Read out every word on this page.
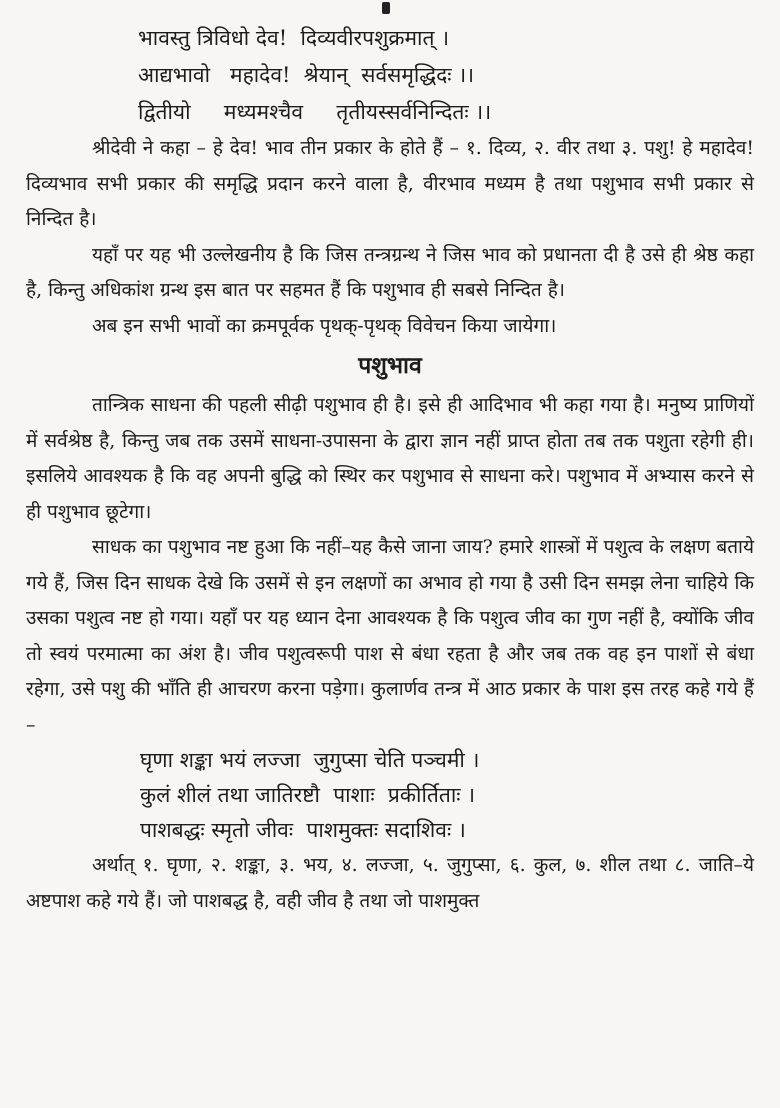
भावस्तु त्रिविधो देव!  दिव्यवीरपशुक्रमात् ।
आद्यभावो   महादेव!  श्रेयान्  सर्वसमृद्धिदः ।।
द्वितीयो     मध्यमश्चैव     तृतीयस्सर्वनिन्दितः ।।

श्रीदेवी ने कहा – हे देव! भाव तीन प्रकार के होते हैं – १. दिव्य, २. वीर तथा ३. पशु! हे महादेव! दिव्यभाव सभी प्रकार की समृद्धि प्रदान करने वाला है, वीरभाव मध्यम है तथा पशुभाव सभी प्रकार से निन्दित है।

यहाँ पर यह भी उल्लेखनीय है कि जिस तन्त्रग्रन्थ ने जिस भाव को प्रधानता दी है उसे ही श्रेष्ठ कहा है, किन्तु अधिकांश ग्रन्थ इस बात पर सहमत हैं कि पशुभाव ही सबसे निन्दित है।

अब इन सभी भावों का क्रमपूर्वक पृथक्-पृथक् विवेचन किया जायेगा।

पशुभाव

तान्त्रिक साधना की पहली सीढ़ी पशुभाव ही है। इसे ही आदिभाव भी कहा गया है। मनुष्य प्राणियों में सर्वश्रेष्ठ है, किन्तु जब तक उसमें साधना-उपासना के द्वारा ज्ञान नहीं प्राप्त होता तब तक पशुता रहेगी ही। इसलिये आवश्यक है कि वह अपनी बुद्धि को स्थिर कर पशुभाव से साधना करे। पशुभाव में अभ्यास करने से ही पशुभाव छूटेगा।

साधक का पशुभाव नष्ट हुआ कि नहीं–यह कैसे जाना जाय? हमारे शास्त्रों में पशुत्व के लक्षण बताये गये हैं, जिस दिन साधक देखे कि उसमें से इन लक्षणों का अभाव हो गया है उसी दिन समझ लेना चाहिये कि उसका पशुत्व नष्ट हो गया। यहाँ पर यह ध्यान देना आवश्यक है कि पशुत्व जीव का गुण नहीं है, क्योंकि जीव तो स्वयं परमात्मा का अंश है। जीव पशुत्वरूपी पाश से बंधा रहता है और जब तक वह इन पाशों से बंधा रहेगा, उसे पशु की भाँति ही आचरण करना पड़ेगा। कुलार्णव तन्त्र में आठ प्रकार के पाश इस तरह कहे गये हैं –

घृणा शङ्का भयं लज्जा  जुगुप्सा चेति पञ्चमी ।
कुलं शीलं तथा जातिरष्टौ  पाशाः  प्रकीर्तिताः ।
पाशबद्धः स्मृतो जीवः  पाशमुक्तः सदाशिवः ।

अर्थात् १. घृणा, २. शङ्का, ३. भय, ४. लज्जा, ५. जुगुप्सा, ६. कुल, ७. शील तथा ८. जाति–ये अष्टपाश कहे गये हैं। जो पाशबद्ध है, वही जीव है तथा जो पाशमुक्त
